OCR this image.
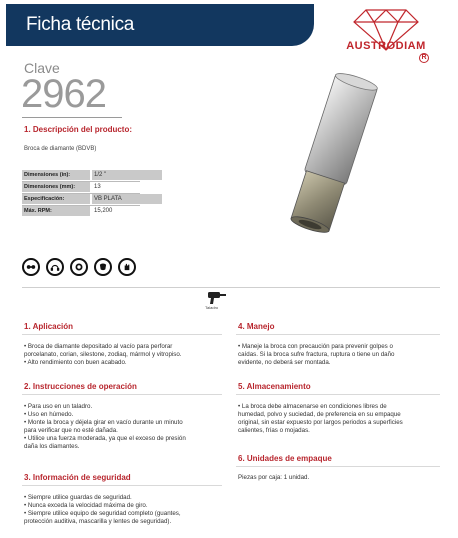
Ficha técnica
AUSTRODIAM
R
Clave
2962
1. Descripción del producto:
Broca de diamante (BDVB)
Dimensiones (in):	1/2 "
Dimensiones (mm):	13
Especificación:	VB PLATA
Máx. RPM:	15,200
Taladro
1. Aplicación
• Broca de diamante depositado al vacío para perforar
porcelanato, corian, silestone, zodiaq, mármol y vitropiso.
• Alto rendimiento con buen acabado.
2. Instrucciones de operación
• Para uso en un taladro.
• Uso en húmedo.
• Monte la broca y déjela girar en vacío durante un minuto
para verificar que no esté dañada.
• Utilice una fuerza moderada, ya que el exceso de presión
daña los diamantes.
3. Información de seguridad
• Siempre utilice guardas de seguridad.
• Nunca exceda la velocidad máxima de giro.
• Siempre utilice equipo de seguridad completo (guantes,
protección auditiva, mascarilla y lentes de seguridad).
4. Manejo
• Maneje la broca con precaución para prevenir golpes o
caídas. Si la broca sufre fractura, ruptura o tiene un daño
evidente, no deberá ser montada.
5. Almacenamiento
• La broca debe almacenarse en condiciones libres de
humedad, polvo y suciedad, de preferencia en su empaque
original, sin estar expuesto por largos periodos a superficies
calientes, frías o mojadas.
6. Unidades de empaque
Piezas por caja: 1 unidad.
